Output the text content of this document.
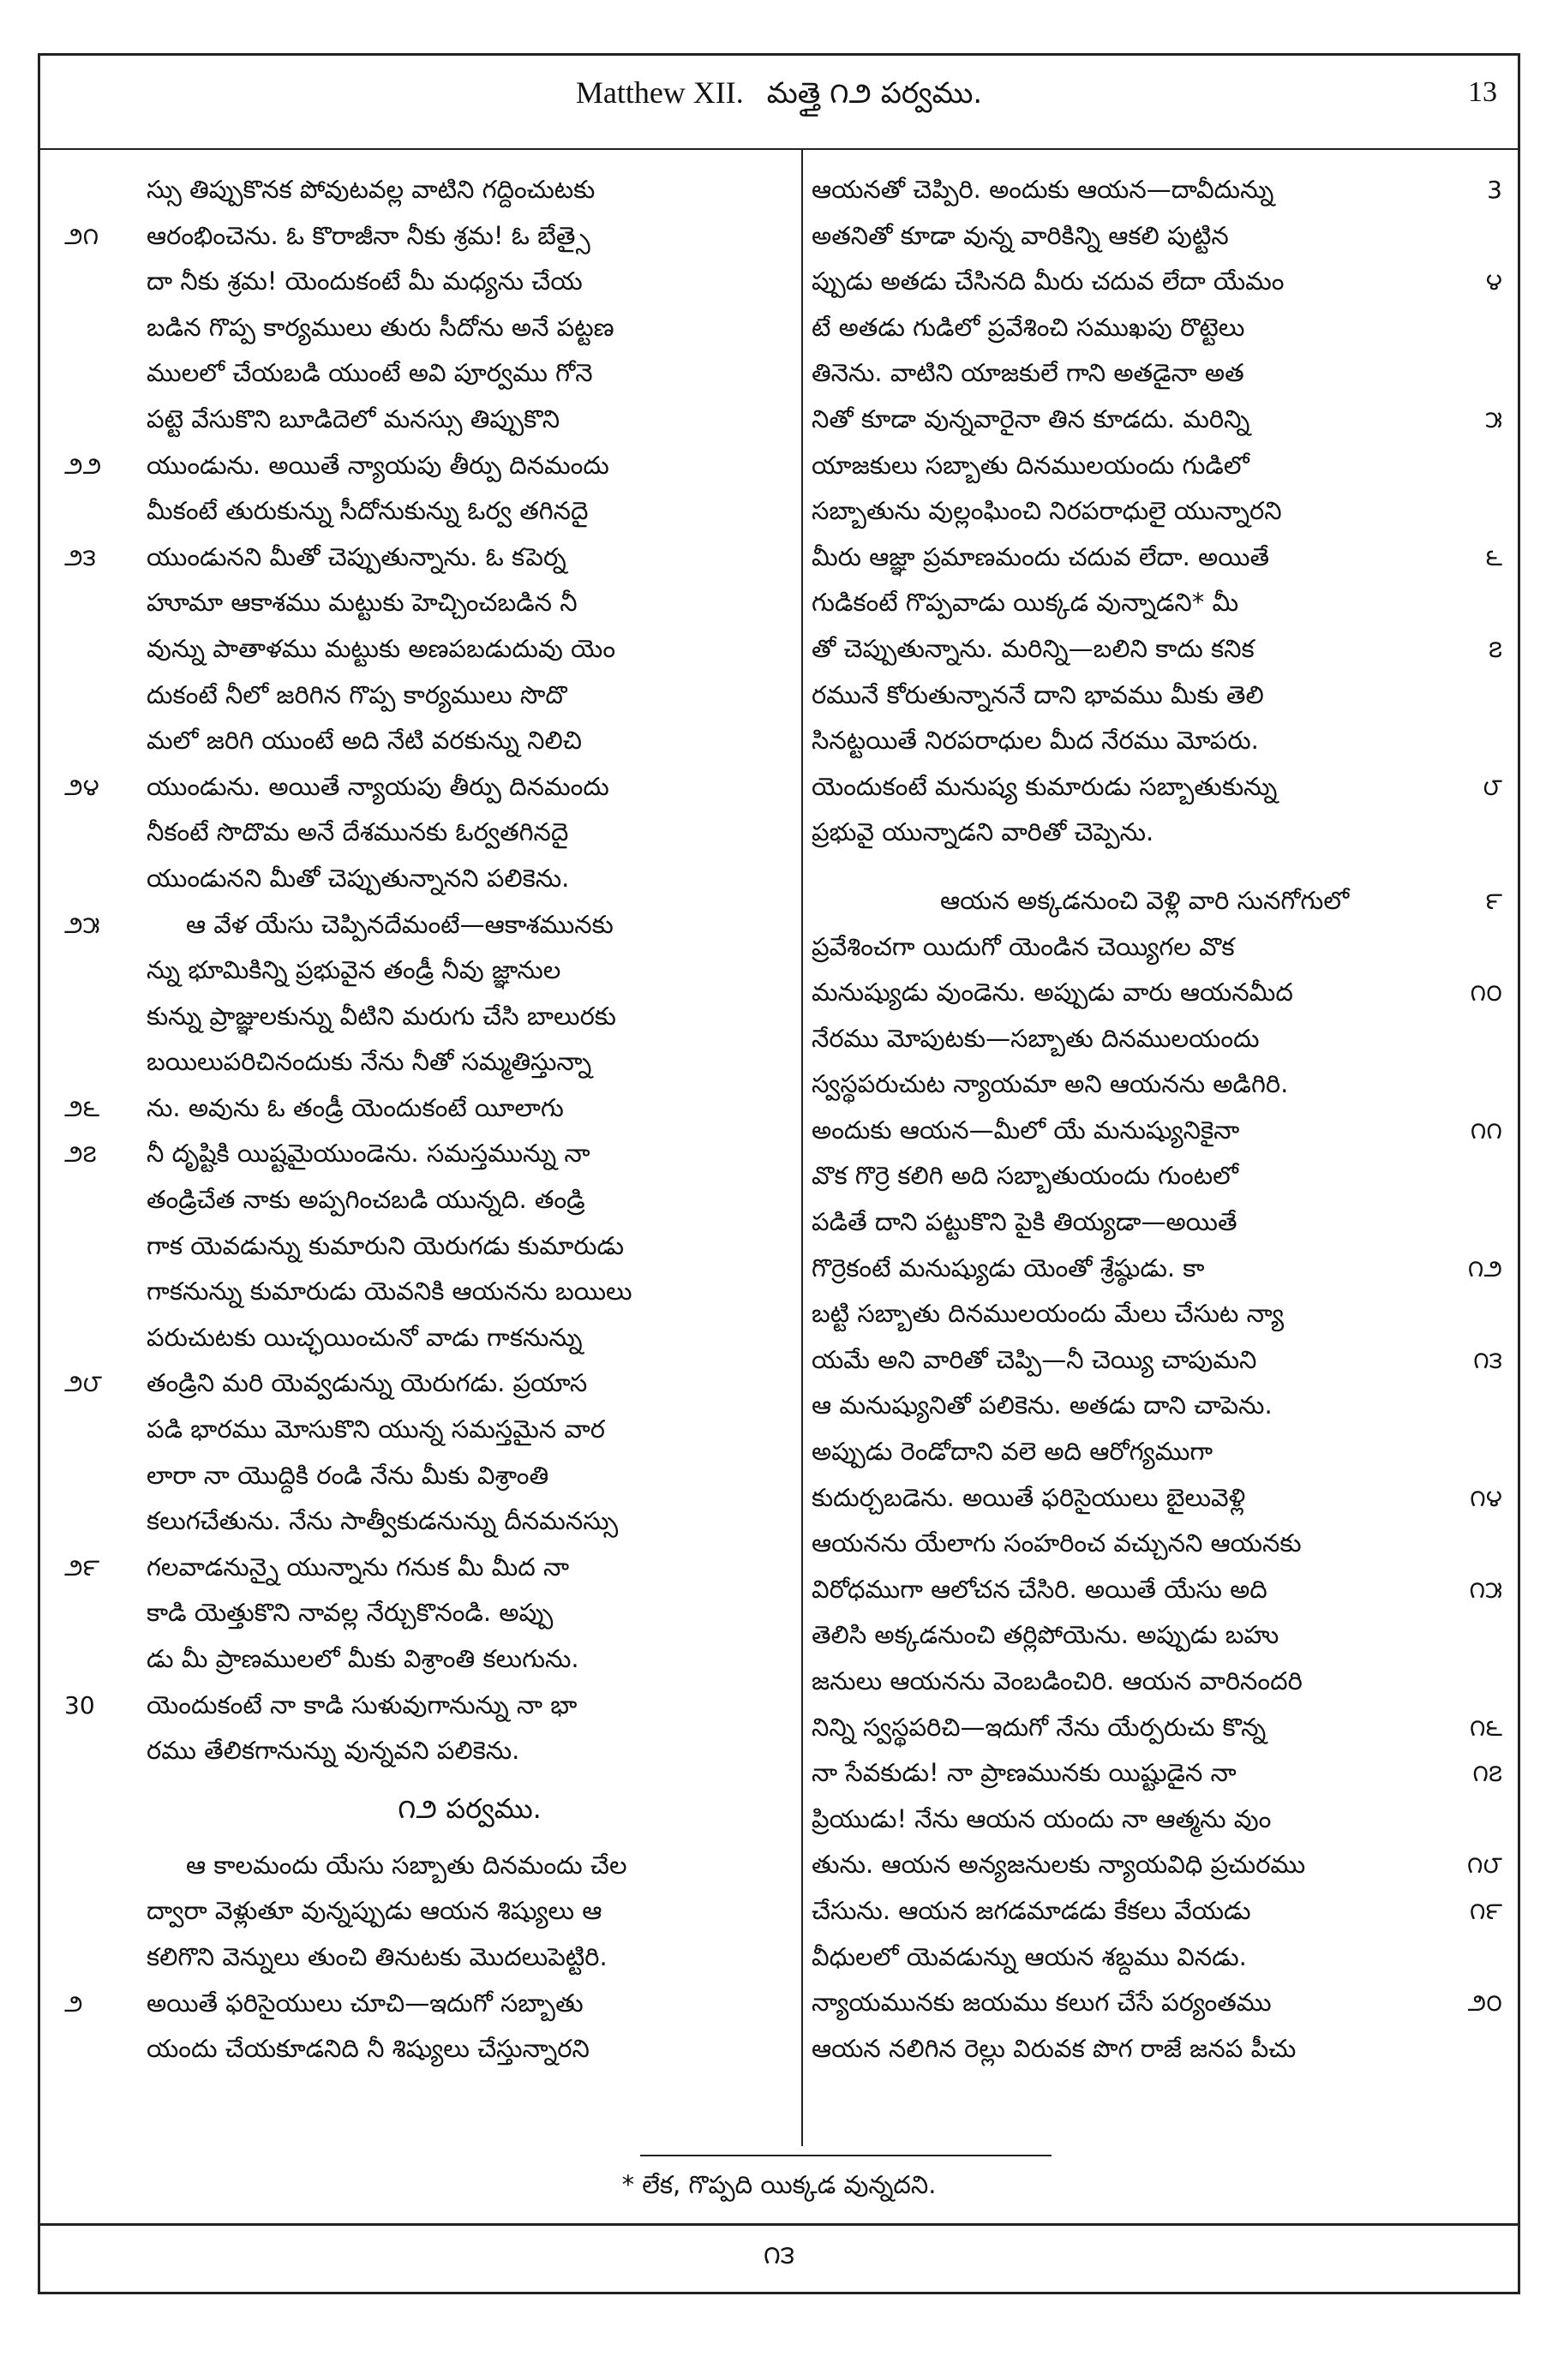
Matthew XII. మత్తై ౧౨ పర్వము.	13
స్సు తిప్పుకొనక పోవుటవల్ల వాటిని గద్దించుటకు
౨౧ ఆరంభించెను. ఓ కొరాజీనా నీకు శ్రమ! ఓ బేత్సై
దా నీకు శ్రమ! యెందుకంటే మీ మధ్యను చేయ
బడిన గొప్ప కార్యములు తురు సీదోను అనే పట్టణ
ములలో చేయబడి యుంటే అవి పూర్వము గోనె
పట్టె వేసుకొని బూడిదెలో మనస్సు తిప్పుకొని
౨౨ యుండును. అయితే న్యాయపు తీర్పు దినమందు
మీకంటే తురుకున్ను సీదోనుకున్ను ఓర్వ తగినదై
౨౩ యుండునని మీతో చెప్పుతున్నాను. ఓ కపెర్న
హూమా ఆకాశము మట్టుకు హెచ్చించబడిన నీ
వున్ను పాతాళము మట్టుకు అణపబడుదువు యెం
దుకంటే నీలో జరిగిన గొప్ప కార్యములు సొదొ
మలో జరిగి యుంటే అది నేటి వరకున్ను నిలిచి
౨౪ యుండును. అయితే న్యాయపు తీర్పు దినమందు
నీకంటే సొదొమ అనే దేశమునకు ఓర్వతగినదై
యుండునని మీతో చెప్పుతున్నానని పలికెను.
౨౫	ఆ వేళ యేసు చెప్పినదేమంటే—ఆకాశమునకు
న్ను భూమికిన్ని ప్రభువైన తండ్రీ నీవు జ్ఞానుల
కున్ను ప్రాజ్ఞులకున్ను వీటిని మరుగు చేసి బాలురకు
బయిలుపరిచినందుకు నేను నీతో సమ్మతిస్తున్నా
౨౬ ను. అవును ఓ తండ్రీ యెందుకంటే యీలాగు
౨౭ నీ దృష్టికి యిష్టమైయుండెను. సమస్తమున్ను నా
తండ్రిచేత నాకు అప్పగించబడి యున్నది. తండ్రి
గాక యెవడున్ను కుమారుని యెరుగడు కుమారుడు
గాకనున్ను కుమారుడు యెవనికి ఆయనను బయిలు
పరుచుటకు యిచ్ఛయించునో వాడు గాకనున్ను
౨౮ తండ్రిని మరి యెవ్వడున్ను యెరుగడు. ప్రయాస
పడి భారము మోసుకొని యున్న సమస్తమైన వార
లారా నా యొద్దికి రండి నేను మీకు విశ్రాంతి
కలుగచేతును. నేను సాత్వీకుడనున్ను దీనమనస్సు
౨౯ గలవాడనున్నై యున్నాను గనుక మీ మీద నా
కాడి యెత్తుకొని నావల్ల నేర్చుకొనండి. అప్పు
డు మీ ప్రాణములలో మీకు విశ్రాంతి కలుగును.
30 యెందుకంటే నా కాడి సుళువుగానున్ను నా భా
రము తేలికగానున్ను వున్నవని పలికెను.
౧౨ పర్వము.
ఆ కాలమందు యేసు సబ్బాతు దినమందు చేల
ద్వారా వెళ్లుతూ వున్నప్పుడు ఆయన శిష్యులు ఆ
కలిగొని వెన్నులు తుంచి తినుటకు మొదలుపెట్టిరి.
౨	అయితే ఫరిసైయులు చూచి—ఇదుగో సబ్బాతు
యందు చేయకూడనిది నీ శిష్యులు చేస్తున్నారని
3
ఆయనతో చెప్పిరి. అందుకు ఆయన—దావీదున్ను
అతనితో కూడా వున్న వారికిన్ని ఆకలి పుట్టిన
౪
ప్పుడు అతడు చేసినది మీరు చదువ లేదా యేమం
టే అతడు గుడిలో ప్రవేశించి సముఖపు రొట్టెలు
తినెను. వాటిని యాజకులే గాని అతడైనా అత
౫
నితో కూడా వున్నవారైనా తిన కూడదు. మరిన్ని
యాజకులు సబ్బాతు దినములయందు గుడిలో
సబ్బాతును వుల్లంఘించి నిరపరాధులై యున్నారని
౬
మీరు ఆజ్ఞా ప్రమాణమందు చదువ లేదా. అయితే
గుడికంటే గొప్పవాడు యిక్కడ వున్నాడని* మీ
౭
తో చెప్పుతున్నాను. మరిన్ని—బలిని కాదు కనిక
రమునే కోరుతున్నాననే దాని భావము మీకు తెలి
సినట్టయితే నిరపరాధుల మీద నేరము మోపరు.
౮
యెందుకంటే మనుష్య కుమారుడు సబ్బాతుకున్ను
ప్రభువై యున్నాడని వారితో చెప్పెను.
౯
ఆయన అక్కడనుంచి వెళ్లి వారి సునగోగులో
ప్రవేశించగా యిదుగో యెండిన చెయ్యిగల వొక
౧౦
మనుష్యుడు వుండెను. అప్పుడు వారు ఆయనమీద
నేరము మోపుటకు—సబ్బాతు దినములయందు
స్వస్థపరుచుట న్యాయమా అని ఆయనను అడిగిరి.
౧౧
అందుకు ఆయన—మీలో యే మనుష్యునికైనా
వొక గొర్రె కలిగి అది సబ్బాతుయందు గుంటలో
పడితే దాని పట్టుకొని పైకి తియ్యడా—అయితే
౧౨
గొర్రెకంటే మనుష్యుడు యెంతో శ్రేష్ఠుడు. కా
బట్టి సబ్బాతు దినములయందు మేలు చేసుట న్యా
౧౩
యమే అని వారితో చెప్పి—నీ చెయ్యి చాపుమని
ఆ మనుష్యునితో పలికెను. అతడు దాని చాపెను.
అప్పుడు రెండోదాని వలె అది ఆరోగ్యముగా
౧౪
కుదుర్చబడెను. అయితే ఫరిసైయులు బైలువెళ్లి
ఆయనను యేలాగు సంహరించ వచ్చునని ఆయనకు
౧౫
విరోధముగా ఆలోచన చేసిరి. అయితే యేసు అది
తెలిసి అక్కడనుంచి తర్లిపోయెను. అప్పుడు బహు
జనులు ఆయనను వెంబడించిరి. ఆయన వారినందరి
౧౬
నిన్ని స్వస్థపరిచి—ఇదుగో నేను యేర్పరుచు కొన్న
౧౭
నా సేవకుడు! నా ప్రాణమునకు యిష్టుడైన నా
ప్రియుడు! నేను ఆయన యందు నా ఆత్మను వుం
౧౮
తును. ఆయన అన్యజనులకు న్యాయవిధి ప్రచురము
౧౯
చేసును. ఆయన జగడమాడడు కేకలు వేయడు
వీధులలో యెవడున్ను ఆయన శబ్దము వినడు.
౨౦
న్యాయమునకు జయము కలుగ చేసే పర్యంతము
ఆయన నలిగిన రెల్లు విరువక పొగ రాజే జనప పీచు
* లేక, గొప్పది యిక్కడ వున్నదని.
౧౩
